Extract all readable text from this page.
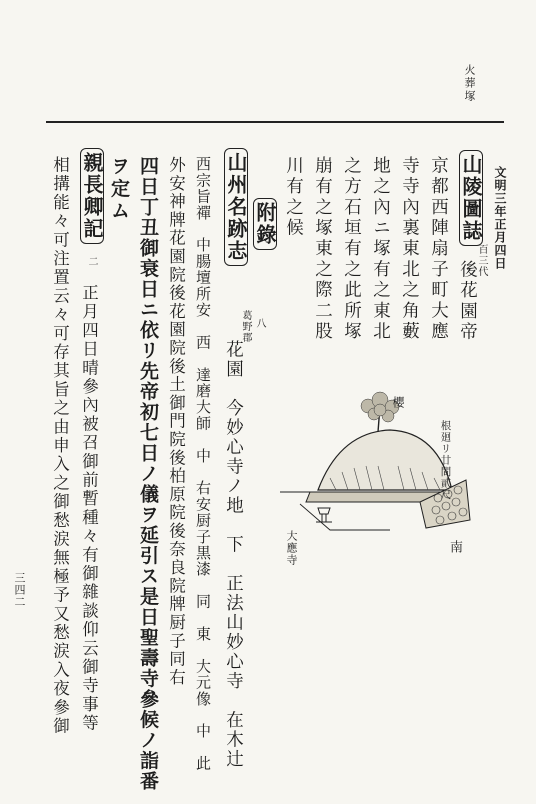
三四二
火葬塚
文明三年正月四日
山陵圖誌
百三代
後花園帝
京都西陣扇子町大應
寺寺內裏東北之角藪
地之內ニ塚有之東北
之方石垣有之此所塚
崩有之塚東之際二股
川有之候
附錄
山州名跡志
八
葛野郡
花園　今妙心寺ノ地　下　正法山妙心寺　在木辻
西宗旨禪　中腸壇所安　西　達磨大師　中　右安厨子黒漆　同　東　大元像　中　此
外安神牌花園院後花園院後土御門院後柏原院後奈良院牌厨子同右
四日丁丑御衰日ニ依リ先帝初七日ノ儀ヲ延引ス是日聖壽寺參候ノ詣番
ヲ定ム
親長卿記
二
正月四日晴參內被召御前暫種々有御雜談仰云御寺事等
相搆能々可注置云々可存其旨之由申入之御愁涙無極予又愁涙入夜參御	櫻
根廻リ廿間貳尺
南
大應寺
